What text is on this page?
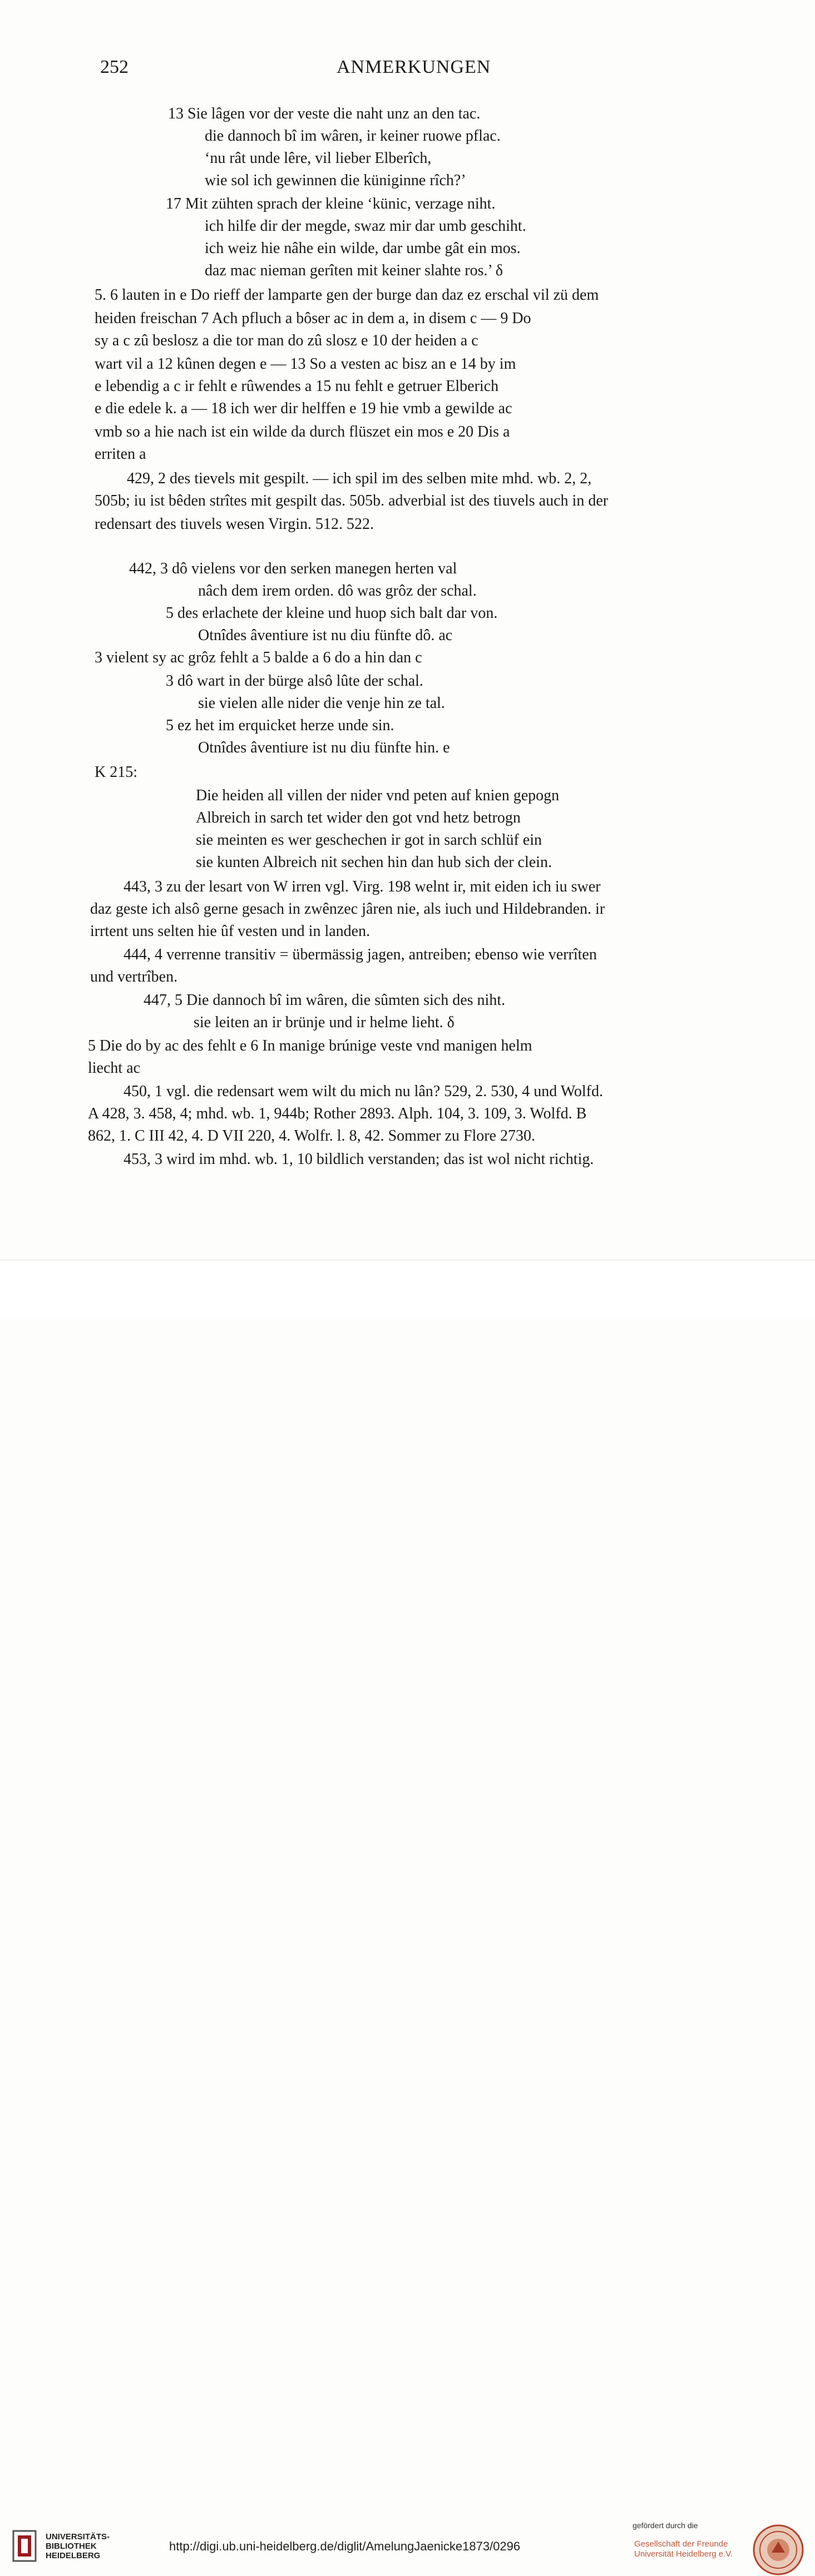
252	ANMERKUNGEN
13 Sie lâgen vor der veste die naht unz an den tac.
die dannoch bî im wâren, ir keiner ruowe pflac.
‘nu rât unde lêre, vil lieber Elberîch,
wie sol ich gewinnen die küniginne rîch?’
17 Mit zühten sprach der kleine ‘künic, verzage niht.
ich hilfe dir der megde, swaz mir dar umb geschiht.
ich weiz hie nâhe ein wilde, dar umbe gât ein mos.
daz mac nieman gerîten mit keiner slahte ros.’ δ
5. 6 lauten in e Do rieff der lamparte gen der burge dan daz ez erschal vil zü dem
heiden freischan 7 Ach pfluch a bôser ac in dem a, in disem c — 9 Do
sy a c zû beslosz a die tor man do zû slosz e 10 der heiden a c
wart vil a 12 kûnen degen e — 13 So a vesten ac bisz an e 14 by im
e lebendig a c ir fehlt e rûwendes a 15 nu fehlt e getruer Elberich
e die edele k. a — 18 ich wer dir helffen e 19 hie vmb a gewilde ac
vmb so a hie nach ist ein wilde da durch flüszet ein mos e 20 Dis a
erriten a
429, 2 des tievels mit gespilt. — ich spil im des selben mite mhd. wb. 2, 2,
505b; iu ist bêden strîtes mit gespilt das. 505b. adverbial ist des tiuvels auch in der
redensart des tiuvels wesen Virgin. 512. 522.
442, 3 dô vielens vor den serken manegen herten val
nâch dem irem orden. dô was grôz der schal.
5 des erlachete der kleine und huop sich balt dar von.
Otnîdes âventiure ist nu diu fünfte dô. ac
3 vielent sy ac grôz fehlt a 5 balde a 6 do a hin dan c
3 dô wart in der bürge alsô lûte der schal.
sie vielen alle nider die venje hin ze tal.
5 ez het im erquicket herze unde sin.
Otnîdes âventiure ist nu diu fünfte hin. e
K 215:
Die heiden all villen der nider vnd peten auf knien gepogn
Albreich in sarch tet wider den got vnd hetz betrogn
sie meinten es wer geschechen ir got in sarch schlüf ein
sie kunten Albreich nit sechen hin dan hub sich der clein.
443, 3 zu der lesart von W irren vgl. Virg. 198 welnt ir, mit eiden ich iu swer
daz geste ich alsô gerne gesach in zwênzec jâren nie, als iuch und Hildebranden. ir
irrtent uns selten hie ûf vesten und in landen.
444, 4 verrenne transitiv = übermässig jagen, antreiben; ebenso wie verrîten
und vertrîben.
447, 5 Die dannoch bî im wâren, die sûmten sich des niht.
sie leiten an ir brünje und ir helme lieht. δ
5 Die do by ac des fehlt e 6 In manige brúnige veste vnd manigen helm
liecht ac
450, 1 vgl. die redensart wem wilt du mich nu lân? 529, 2. 530, 4 und Wolfd.
A 428, 3. 458, 4; mhd. wb. 1, 944b; Rother 2893. Alph. 104, 3. 109, 3. Wolfd. B
862, 1. C III 42, 4. D VII 220, 4. Wolfr. l. 8, 42. Sommer zu Flore 2730.
453, 3 wird im mhd. wb. 1, 10 bildlich verstanden; das ist wol nicht richtig.
UNIVERSITÄTS-
BIBLIOTHEK
HEIDELBERG
http://digi.ub.uni-heidelberg.de/diglit/AmelungJaenicke1873/0296
gefördert durch die
Gesellschaft der Freunde
Universität Heidelberg e.V.
